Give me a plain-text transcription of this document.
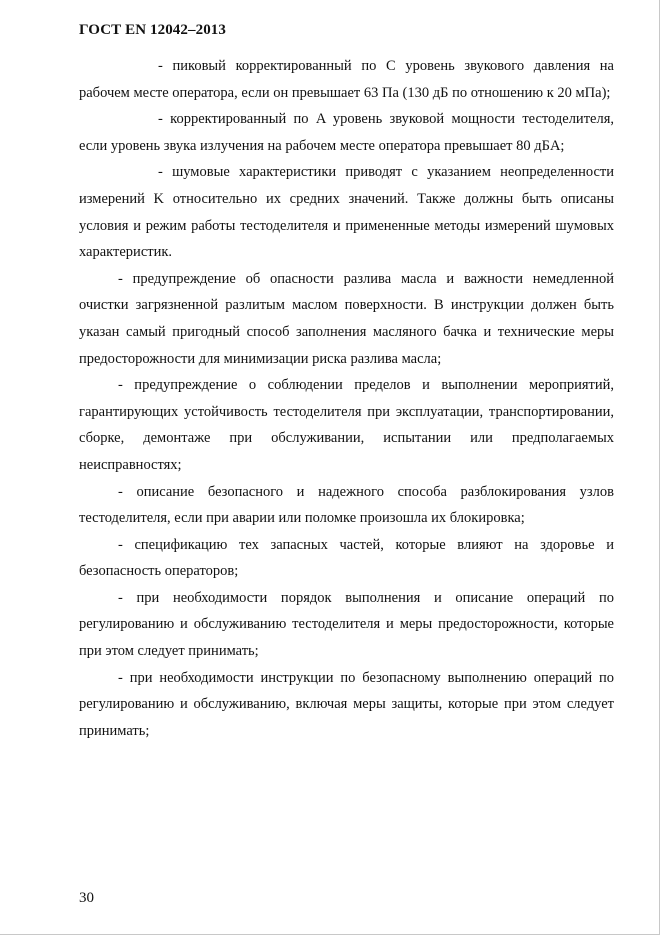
ГОСТ EN 12042–2013

- пиковый корректированный по C уровень звукового давления на рабочем месте оператора, если он превышает 63 Па (130 дБ по отношению к 20 мПа);

- корректированный по A уровень звуковой мощности тестоделителя, если уровень звука излучения на рабочем месте оператора превышает 80 дБA;

- шумовые характеристики приводят с указанием неопределенности измерений K относительно их средних значений. Также должны быть описаны условия и режим работы тестоделителя и примененные методы измерений шумовых характеристик.

- предупреждение об опасности разлива масла и важности немедленной очистки загрязненной разлитым маслом поверхности. В инструкции должен быть указан самый пригодный способ заполнения масляного бачка и технические меры предосторожности для минимизации риска разлива масла;

- предупреждение о соблюдении пределов и выполнении мероприятий, гарантирующих устойчивость тестоделителя при эксплуатации, транспортировании, сборке, демонтаже при обслуживании, испытании или предполагаемых неисправностях;

- описание безопасного и надежного способа разблокирования узлов тестоделителя, если при аварии или поломке произошла их блокировка;

- спецификацию тех запасных частей, которые влияют на здоровье и безопасность операторов;

- при необходимости порядок выполнения и описание операций по регулированию и обслуживанию тестоделителя и меры предосторожности, которые при этом следует принимать;

- при необходимости инструкции по безопасному выполнению операций по регулированию и обслуживанию, включая меры защиты, которые при этом следует принимать;

30
